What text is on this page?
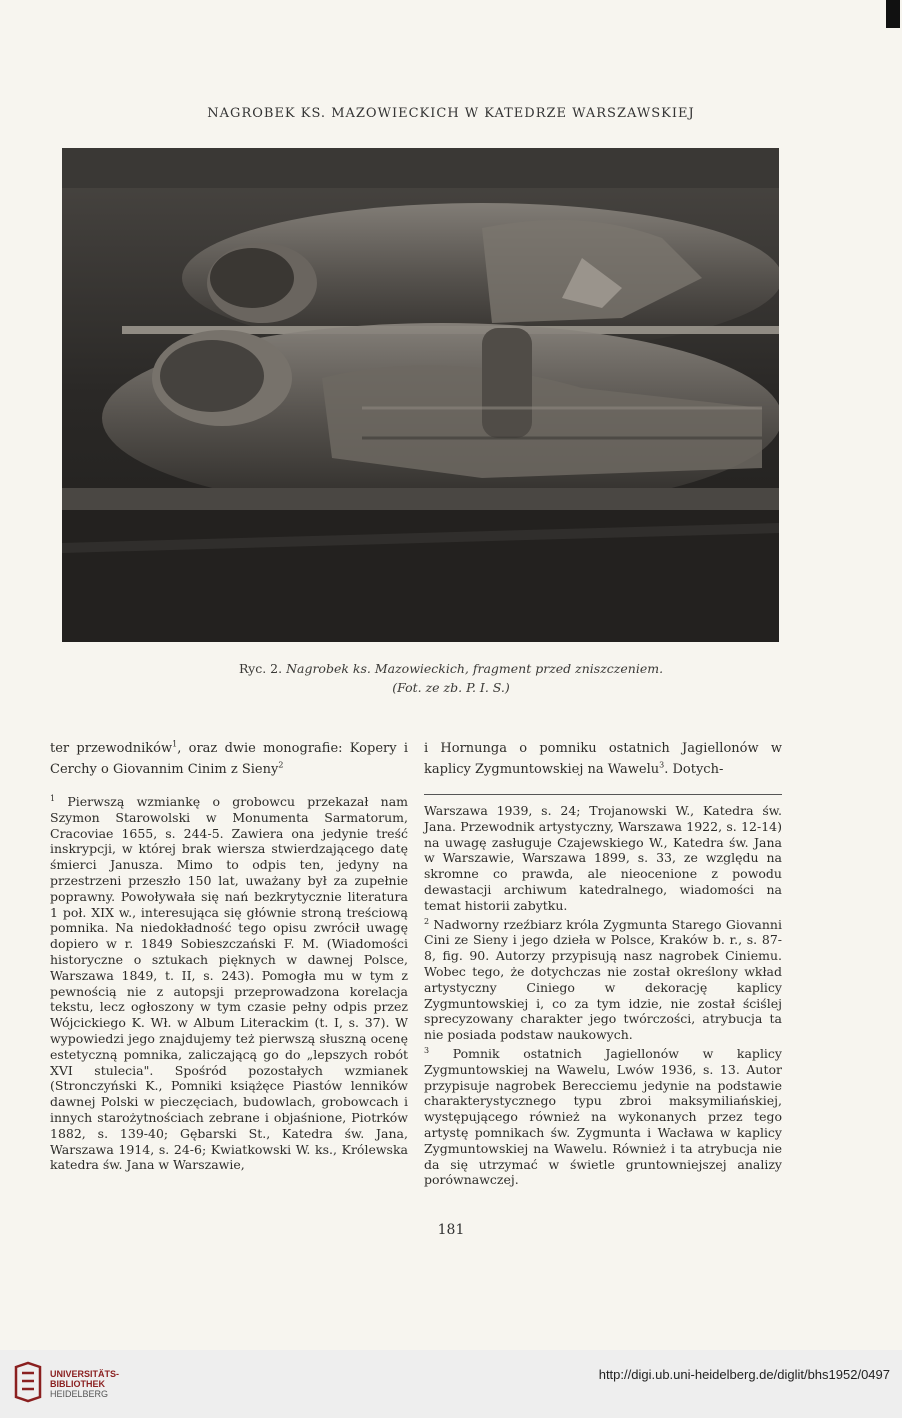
NAGROBEK KS. MAZOWIECKICH W KATEDRZE WARSZAWSKIEJ
Ryc. 2. Nagrobek ks. Mazowieckich, fragment przed zniszczeniem.
(Fot. ze zb. P. I. S.)

ter przewodników$^1$, oraz dwie monografie: Kopery i Cerchy o Giovannim Cinim z Sieny$^2$

$^1$ Pierwszą wzmiankę o grobowcu przekazał nam Szymon Starowolski w Monumenta Sarmatorum, Cracoviae 1655, s. 244-5. Zawiera ona jedynie treść inskrypcji, w której brak wiersza stwierdzającego datę śmierci Janusza. Mimo to odpis ten, jedyny na przestrzeni przeszło 150 lat, uważany był za zupełnie poprawny. Powoływała się nań bezkrytycznie literatura 1 poł. XIX w., interesująca się głównie stroną treściową pomnika. Na niedokładność tego opisu zwrócił uwagę dopiero w r. 1849 Sobieszczański F. M. (Wiadomości historyczne o sztukach pięknych w dawnej Polsce, Warszawa 1849, t. II, s. 243). Pomogła mu w tym z pewnością nie z autopsji przeprowadzona korelacja tekstu, lecz ogłoszony w tym czasie pełny odpis przez Wójcickiego K. Wł. w Album Literackim (t. I, s. 37). W wypowiedzi jego znajdujemy też pierwszą słuszną ocenę estetyczną pomnika, zaliczającą go do „lepszych robót XVI stulecia". Spośród pozostałych wzmianek (Stronczyński K., Pomniki książęce Piastów lenników dawnej Polski w pieczęciach, budowlach, grobowcach i innych starożytnościach zebrane i objaśnione, Piotrków 1882, s. 139-40; Gębarski St., Katedra św. Jana, Warszawa 1914, s. 24-6; Kwiatkowski W. ks., Królewska katedra św. Jana w Warszawie,

i Hornunga o pomniku ostatnich Jagiellonów w kaplicy Zygmuntowskiej na Wawelu$^3$. Dotych-

Warszawa 1939, s. 24; Trojanowski W., Katedra św. Jana. Przewodnik artystyczny, Warszawa 1922, s. 12-14) na uwagę zasługuje Czajewskiego W., Katedra św. Jana w Warszawie, Warszawa 1899, s. 33, ze względu na skromne co prawda, ale nieocenione z powodu dewastacji archiwum katedralnego, wiadomości na temat historii zabytku.

$^2$ Nadworny rzeźbiarz króla Zygmunta Starego Giovanni Cini ze Sieny i jego dzieła w Polsce, Kraków b. r., s. 87-8, fig. 90. Autorzy przypisują nasz nagrobek Ciniemu. Wobec tego, że dotychczas nie został określony wkład artystyczny Ciniego w dekorację kaplicy Zygmuntowskiej i, co za tym idzie, nie został ściślej sprecyzowany charakter jego twórczości, atrybucja ta nie posiada podstaw naukowych.

$^3$ Pomnik ostatnich Jagiellonów w kaplicy Zygmuntowskiej na Wawelu, Lwów 1936, s. 13. Autor przypisuje nagrobek Berecciemu jedynie na podstawie charakterystycznego typu zbroi maksymiliańskiej, występującego również na wykonanych przez tego artystę pomnikach św. Zygmunta i Wacława w kaplicy Zygmuntowskiej na Wawelu. Również i ta atrybucja nie da się utrzymać w świetle gruntowniejszej analizy porównawczej.

181
UNIVERSITÄTS-
BIBLIOTHEK
HEIDELBERG
http://digi.ub.uni-heidelberg.de/diglit/bhs1952/0497
